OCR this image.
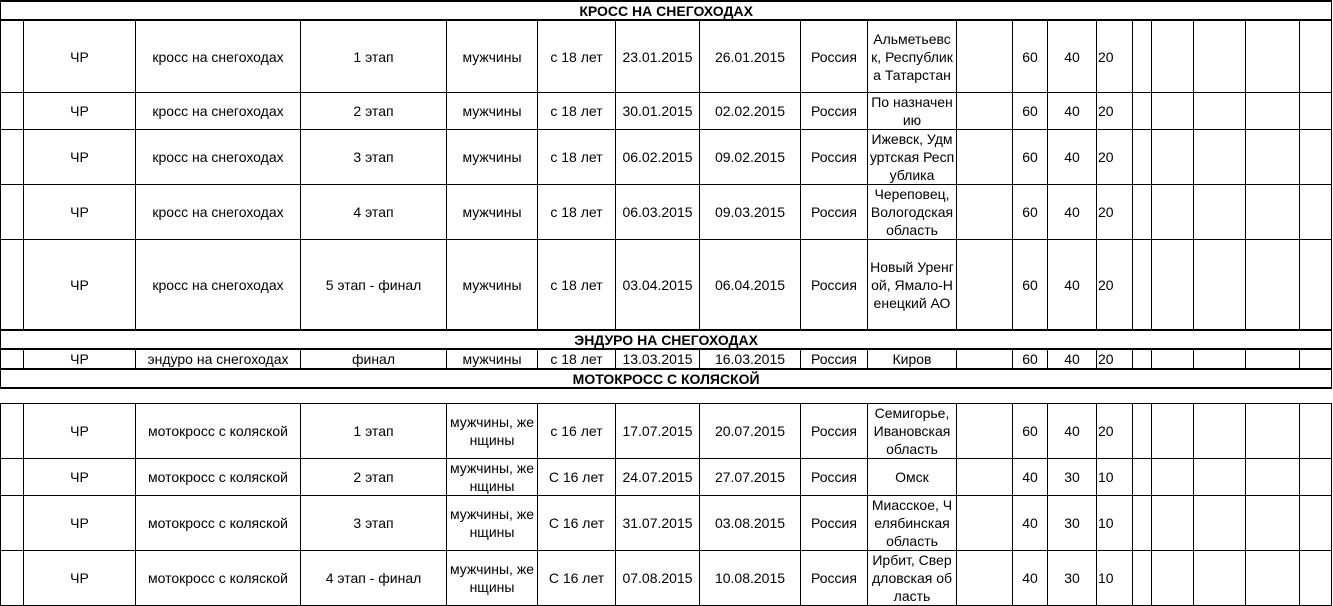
КРОСС НА СНЕГОХОДАХ																		
	ЧР	кросс на снегоходах	1 этап	мужчины	с 18 лет	23.01.2015	26.01.2015	Россия	Альметьевск, Республика Татарстан		60	40	20					
	ЧР	кросс на снегоходах	2 этап	мужчины	с 18 лет	30.01.2015	02.02.2015	Россия	По назначению		60	40	20					
	ЧР	кросс на снегоходах	3 этап	мужчины	с 18 лет	06.02.2015	09.02.2015	Россия	Ижевск, Удмуртская Республика		60	40	20					
	ЧР	кросс на снегоходах	4 этап	мужчины	с 18 лет	06.03.2015	09.03.2015	Россия	Череповец, Вологодская область		60	40	20					
	ЧР	кросс на снегоходах	5 этап - финал	мужчины	с 18 лет	03.04.2015	06.04.2015	Россия	Новый Уренгой, Ямало-Ненецкий АО		60	40	20					
ЭНДУРО НА СНЕГОХОДАХ																		
	ЧР	эндуро на снегоходах	финал	мужчины	с 18 лет	13.03.2015	16.03.2015	Россия	Киров		60	40	20					
МОТОКРОСС С КОЛЯСКОЙ																		

	ЧР	мотокросс с коляской	1 этап	мужчины, женщины	с 16 лет	17.07.2015	20.07.2015	Россия	Семигорье, Ивановская область		60	40	20					
	ЧР	мотокросс с коляской	2 этап	мужчины, женщины	С 16 лет	24.07.2015	27.07.2015	Россия	Омск		40	30	10					
	ЧР	мотокросс с коляской	3 этап	мужчины, женщины	С 16 лет	31.07.2015	03.08.2015	Россия	Миасское, Челябинская область		40	30	10					
	ЧР	мотокросс с коляской	4 этап - финал	мужчины, женщины	С 16 лет	07.08.2015	10.08.2015	Россия	Ирбит, Свердловская область		40	30	10					
